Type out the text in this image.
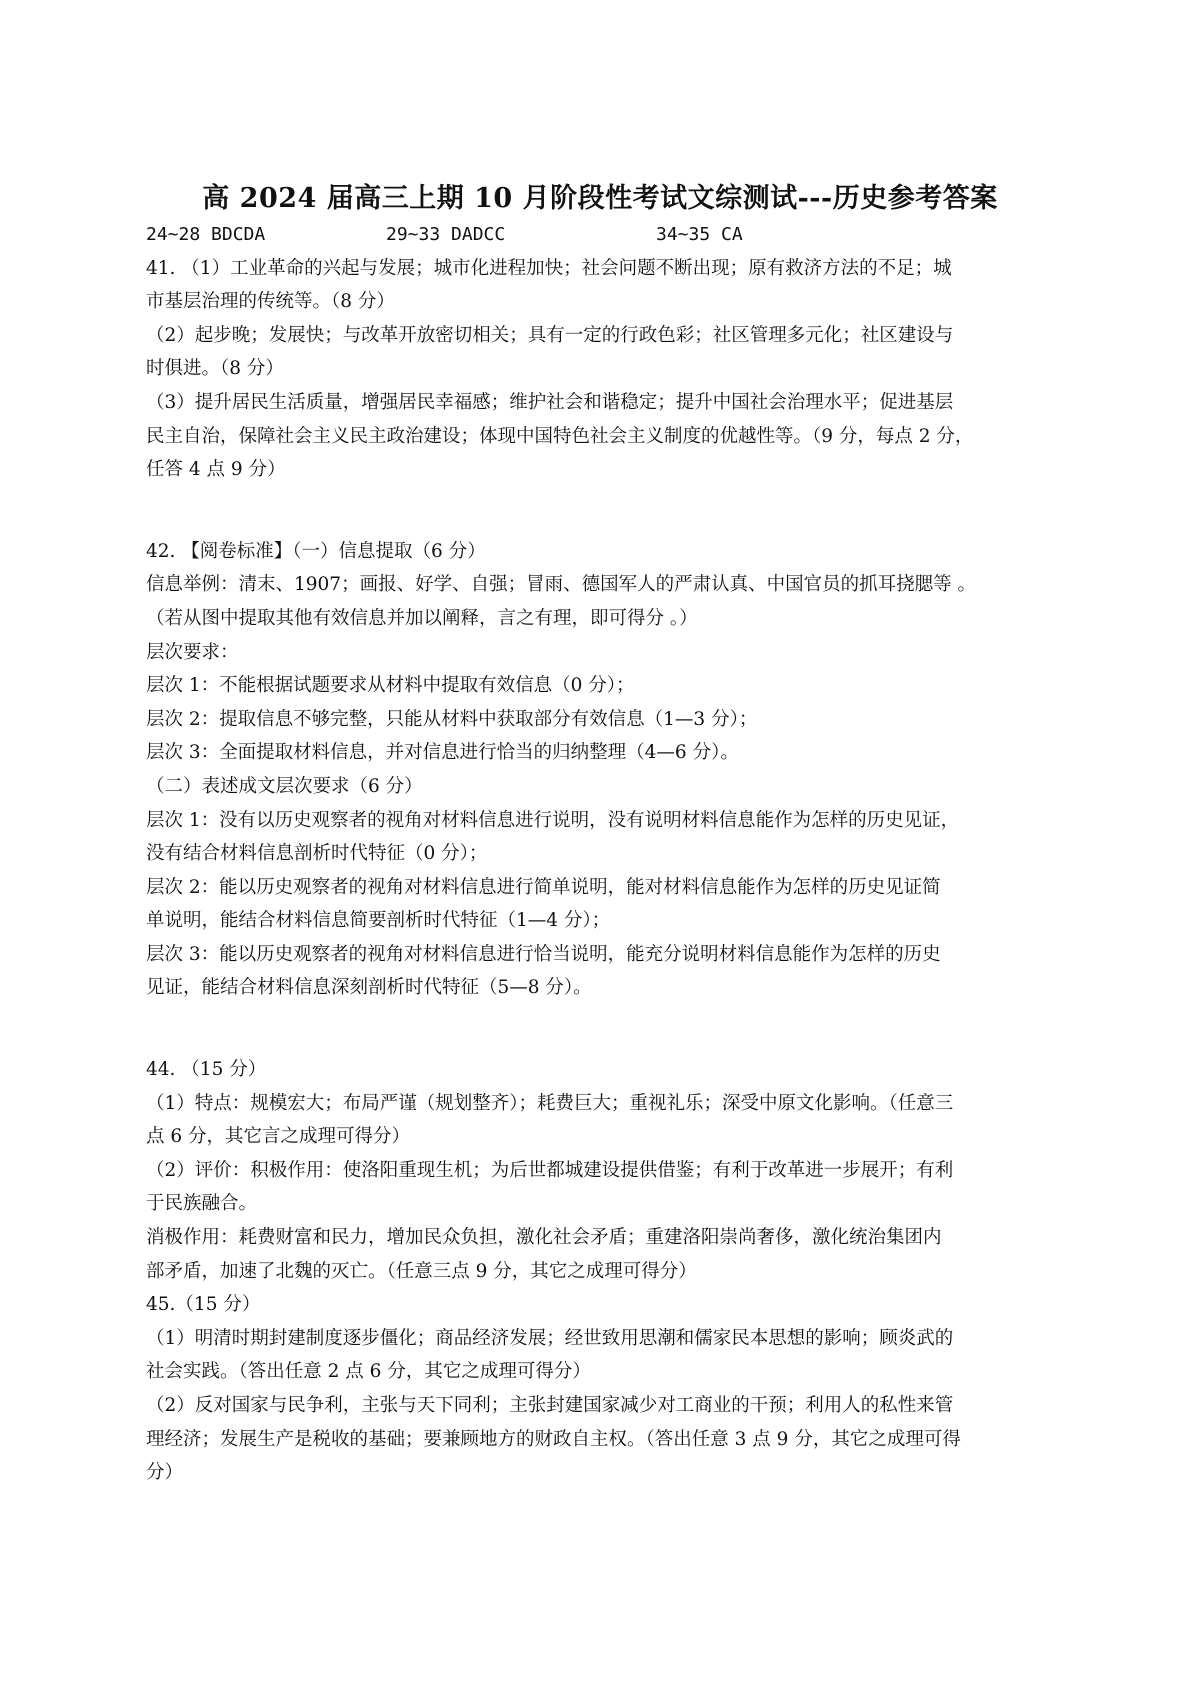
高 2024 届高三上期 10 月阶段性考试文综测试---历史参考答案
24~28 BDCDA	29~33 DADCC	34~35 CA
41. （1）工业革命的兴起与发展；城市化进程加快；社会问题不断出现；原有救济方法的不足；城
市基层治理的传统等。（8 分）
（2）起步晚；发展快；与改革开放密切相关；具有一定的行政色彩；社区管理多元化；社区建设与
时俱进。（8 分）
（3）提升居民生活质量，增强居民幸福感；维护社会和谐稳定；提升中国社会治理水平；促进基层
民主自治，保障社会主义民主政治建设；体现中国特色社会主义制度的优越性等。（9 分，每点 2 分，
任答 4 点 9 分）
42. 【阅卷标准】（一）信息提取（6 分）
信息举例：清末、1907；画报、好学、自强；冒雨、德国军人的严肃认真、中国官员的抓耳挠腮等 。
（若从图中提取其他有效信息并加以阐释，言之有理，即可得分 。）
层次要求：
层次 1：不能根据试题要求从材料中提取有效信息（0 分）；
层次 2：提取信息不够完整，只能从材料中获取部分有效信息（1—3 分）；
层次 3：全面提取材料信息，并对信息进行恰当的归纳整理（4—6 分）。
（二）表述成文层次要求（6 分）
层次 1：没有以历史观察者的视角对材料信息进行说明，没有说明材料信息能作为怎样的历史见证，
没有结合材料信息剖析时代特征（0 分）；
层次 2：能以历史观察者的视角对材料信息进行简单说明，能对材料信息能作为怎样的历史见证简
单说明，能结合材料信息简要剖析时代特征（1—4 分）；
层次 3：能以历史观察者的视角对材料信息进行恰当说明，能充分说明材料信息能作为怎样的历史
见证，能结合材料信息深刻剖析时代特征（5—8 分）。
44. （15 分）
（1）特点：规模宏大；布局严谨（规划整齐）；耗费巨大；重视礼乐；深受中原文化影响。（任意三
点 6 分，其它言之成理可得分）
（2）评价：积极作用：使洛阳重现生机；为后世都城建设提供借鉴；有利于改革进一步展开；有利
于民族融合。
消极作用：耗费财富和民力，增加民众负担，激化社会矛盾；重建洛阳崇尚奢侈，激化统治集团内
部矛盾，加速了北魏的灭亡。（任意三点 9 分，其它之成理可得分）
45.（15 分）
（1）明清时期封建制度逐步僵化；商品经济发展；经世致用思潮和儒家民本思想的影响；顾炎武的
社会实践。（答出任意 2 点 6 分，其它之成理可得分）
（2）反对国家与民争利，主张与天下同利；主张封建国家减少对工商业的干预；利用人的私性来管
理经济；发展生产是税收的基础；要兼顾地方的财政自主权。（答出任意 3 点 9 分，其它之成理可得
分）
